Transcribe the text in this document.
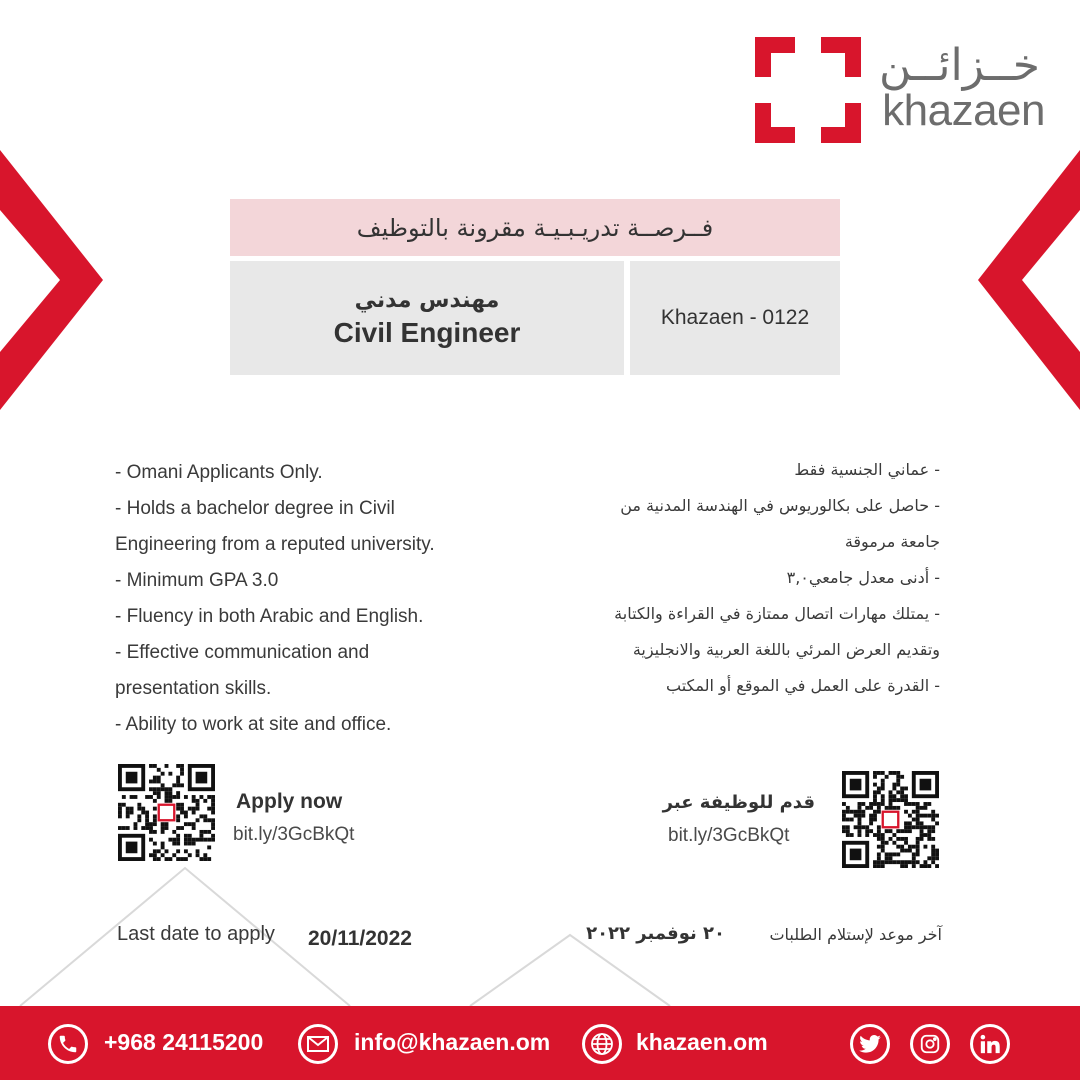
خــزائــن
khazaen
فــرصــة تدريـبـيـة مقرونة بالتوظيف
مهندس مدني
Civil Engineer	Khazaen - 0122
- Omani Applicants Only.
- Holds a bachelor degree in Civil
Engineering from a reputed university.
- Minimum GPA 3.0
- Fluency in both Arabic and English.
- Effective communication and
presentation skills.
- Ability to work at site and office.
- عماني الجنسية فقط
- حاصل على بكالوريوس في الهندسة المدنية من
جامعة مرموقة
- أدنى معدل جامعي٣,٠
- يمتلك مهارات اتصال ممتازة في القراءة والكتابة
وتقديم العرض المرئي باللغة العربية والانجليزية
- القدرة على العمل في الموقع أو المكتب
Apply now
bit.ly/3GcBkQt
قدم للوظيفة عبر
bit.ly/3GcBkQt
Last date to apply 20/11/2022	آخر موعد لإستلام الطلبات
٢٠ نوفمبر ٢٠٢٢
+968 24115200	info@khazaen.om	khazaen.om
